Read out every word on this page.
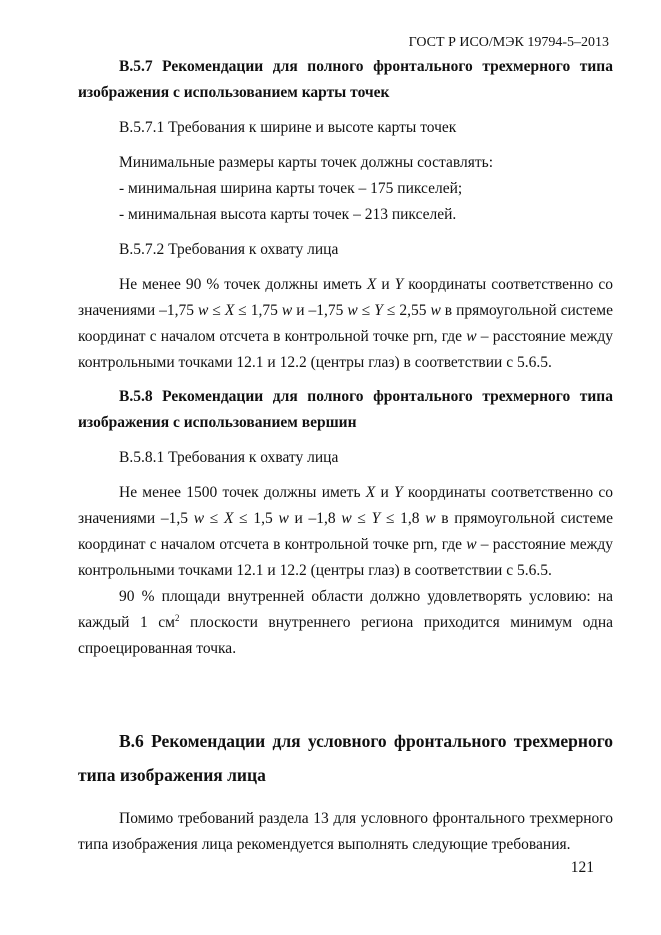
ГОСТ Р ИСО/МЭК 19794-5–2013

В.5.7 Рекомендации для полного фронтального трехмерного типа изображения с использованием карты точек

В.5.7.1 Требования к ширине и высоте карты точек

Минимальные размеры карты точек должны составлять:

- минимальная ширина карты точек – 175 пикселей;

- минимальная высота карты точек – 213 пикселей.

В.5.7.2 Требования к охвату лица

Не менее 90 % точек должны иметь X и Y координаты соответственно со значениями –1,75 w ≤ X ≤ 1,75 w и –1,75 w ≤ Y ≤ 2,55 w в прямоугольной системе координат с началом отсчета в контрольной точке prn, где w – расстояние между контрольными точками 12.1 и 12.2 (центры глаз) в соответствии с 5.6.5.

В.5.8 Рекомендации для полного фронтального трехмерного типа изображения с использованием вершин

В.5.8.1 Требования к охвату лица

Не менее 1500 точек должны иметь X и Y координаты соответственно со значениями –1,5 w ≤ X ≤ 1,5 w и –1,8 w ≤ Y ≤ 1,8 w в прямоугольной системе координат с началом отсчета в контрольной точке prn, где w – расстояние между контрольными точками 12.1 и 12.2 (центры глаз) в соответствии с 5.6.5.

90 % площади внутренней области должно удовлетворять условию: на каждый 1 $см^2$ плоскости внутреннего региона приходится минимум одна спроецированная точка.

В.6 Рекомендации для условного фронтального трехмерного типа изображения лица

Помимо требований раздела 13 для условного фронтального трехмерного типа изображения лица рекомендуется выполнять следующие требования.

121
